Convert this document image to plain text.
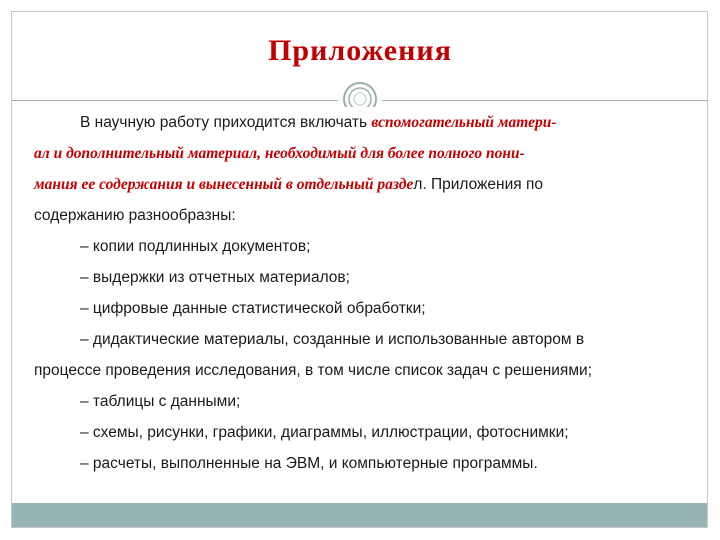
Приложения

В научную работу приходится включать вспомогательный матери-

ал и дополнительный материал, необходимый для более полного пони-

мания ее содержания и вынесенный в отдельный раздел. Приложения по

содержанию разнообразны:

– копии подлинных документов;

– выдержки из отчетных материалов;

– цифровые данные статистической обработки;

– дидактические материалы, созданные и использованные автором в

процессе проведения исследования, в том числе список задач с решениями;

– таблицы с данными;

– схемы, рисунки, графики, диаграммы, иллюстрации, фотоснимки;

– расчеты, выполненные на ЭВМ, и компьютерные программы.
